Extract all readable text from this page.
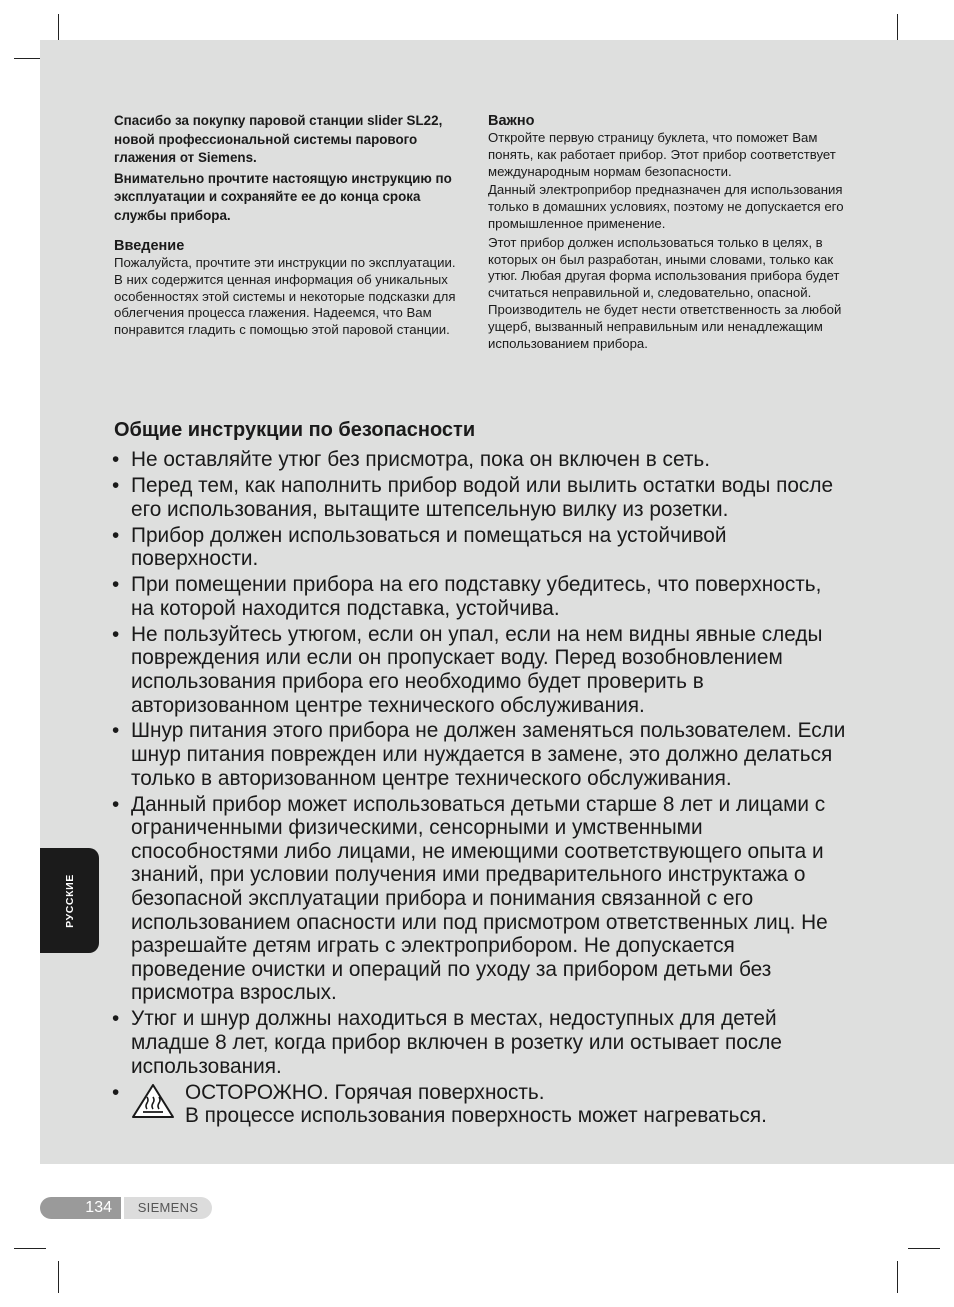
Спасибо за покупку паровой станции slider SL22, новой профессиональной системы парового глажения от Siemens.

Внимательно прочтите настоящую инструкцию по эксплуатации и сохраняйте ее до конца срока службы прибора.

Введение

Пожалуйста, прочтите эти инструкции по эксплуатации. В них содержится ценная информация об уникальных особенностях этой системы и некоторые подсказки для облегчения процесса глажения. Надеемся, что Вам понравится гладить с помощью этой паровой станции.

Важно

Откройте первую страницу буклета, что поможет Вам понять, как работает прибор. Этот прибор соответствует международным нормам безопасности.

Данный электроприбор предназначен для использования только в домашних условиях, поэтому не допускается его промышленное применение.

Этот прибор должен использоваться только в целях, в которых он был разработан, иными словами, только как утюг. Любая другая форма использования прибора будет считаться неправильной и, следовательно, опасной. Производитель не будет нести ответственность за любой ущерб, вызванный неправильным или ненадлежащим использованием прибора.

Общие инструкции по безопасности
• Не оставляйте утюг без присмотра, пока он включен в сеть.
• Перед тем, как наполнить прибор водой или вылить остатки воды после его использования, вытащите штепсельную вилку из розетки.
• Прибор должен использоваться и помещаться на устойчивой поверхности.
• При помещении прибора на его подставку убедитесь, что поверхность, на которой находится подставка, устойчива.
• Не пользуйтесь утюгом, если он упал, если на нем видны явные следы повреждения или если он пропускает воду. Перед возобновлением использования прибора его необходимо будет проверить в авторизованном центре технического обслуживания.
• Шнур питания этого прибора не должен заменяться пользователем. Если шнур питания поврежден или нуждается в замене, это должно делаться только в авторизованном центре технического обслуживания.
• Данный прибор может использоваться детьми старше 8 лет и лицами с ограниченными физическими, сенсорными и умственными способностями либо лицами, не имеющими соответствующего опыта и знаний, при условии получения ими предварительного инструктажа о безопасной эксплуатации прибора и понимания связанной с его использованием опасности или под присмотром ответственных лиц. Не разрешайте детям играть с электроприбором. Не допускается проведение очистки и операций по уходу за прибором детьми без присмотра взрослых.
• Утюг и шнур должны находиться в местах, недоступных для детей младше 8 лет, когда прибор включен в розетку или остывает после использования.
•	ОСТОРОЖНО. Горячая поверхность.
В процессе использования поверхность может нагреваться.
РУССКИЕ
134	SIEMENS
